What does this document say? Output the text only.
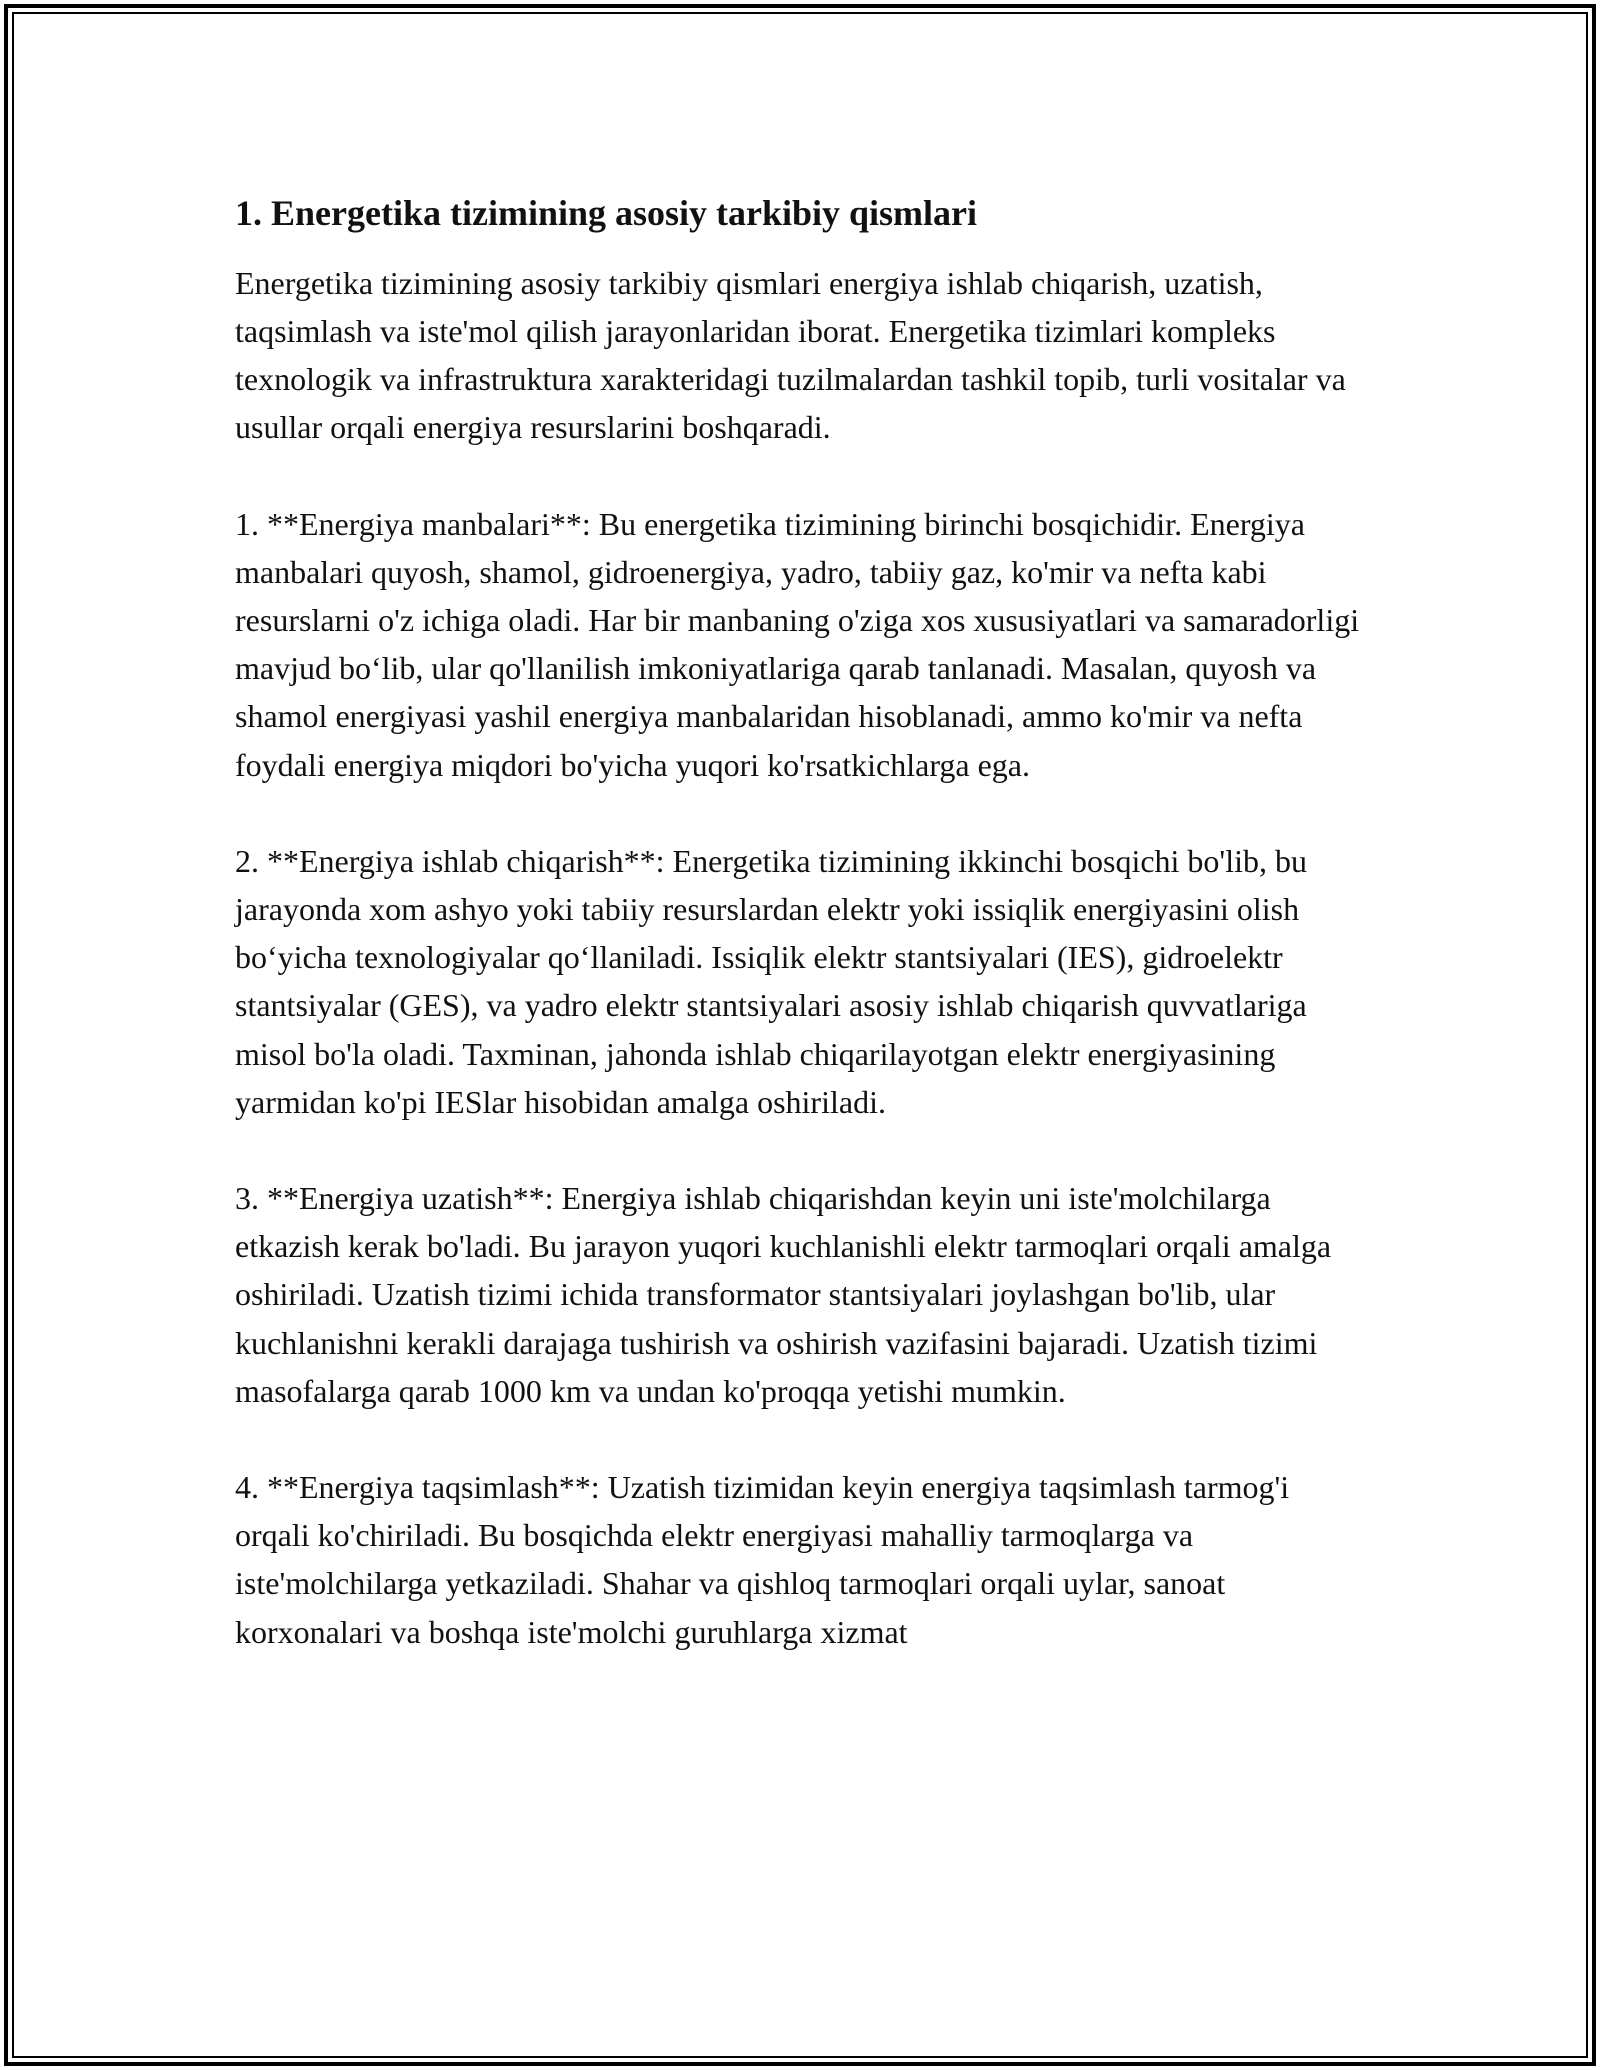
1. Energetika tizimining asosiy tarkibiy qismlari

Energetika tizimining asosiy tarkibiy qismlari energiya ishlab chiqarish, uzatish, taqsimlash va iste'mol qilish jarayonlaridan iborat. Energetika tizimlari kompleks texnologik va infrastruktura xarakteridagi tuzilmalardan tashkil topib, turli vositalar va usullar orqali energiya resurslarini boshqaradi.

1. **Energiya manbalari**: Bu energetika tizimining birinchi bosqichidir. Energiya manbalari quyosh, shamol, gidroenergiya, yadro, tabiiy gaz, ko'mir va nefta kabi resurslarni o'z ichiga oladi. Har bir manbaning o'ziga xos xususiyatlari va samaradorligi mavjud bo‘lib, ular qo'llanilish imkoniyatlariga qarab tanlanadi. Masalan, quyosh va shamol energiyasi yashil energiya manbalaridan hisoblanadi, ammo ko'mir va nefta foydali energiya miqdori bo'yicha yuqori ko'rsatkichlarga ega.

2. **Energiya ishlab chiqarish**: Energetika tizimining ikkinchi bosqichi bo'lib, bu jarayonda xom ashyo yoki tabiiy resurslardan elektr yoki issiqlik energiyasini olish bo‘yicha texnologiyalar qo‘llaniladi. Issiqlik elektr stantsiyalari (IES), gidroelektr stantsiyalar (GES), va yadro elektr stantsiyalari asosiy ishlab chiqarish quvvatlariga misol bo'la oladi. Taxminan, jahonda ishlab chiqarilayotgan elektr energiyasining yarmidan ko'pi IESlar hisobidan amalga oshiriladi.

3. **Energiya uzatish**: Energiya ishlab chiqarishdan keyin uni iste'molchilarga etkazish kerak bo'ladi. Bu jarayon yuqori kuchlanishli elektr tarmoqlari orqali amalga oshiriladi. Uzatish tizimi ichida transformator stantsiyalari joylashgan bo'lib, ular kuchlanishni kerakli darajaga tushirish va oshirish vazifasini bajaradi. Uzatish tizimi masofalarga qarab 1000 km va undan ko'proqqa yetishi mumkin.

4. **Energiya taqsimlash**: Uzatish tizimidan keyin energiya taqsimlash tarmog'i orqali ko'chiriladi. Bu bosqichda elektr energiyasi mahalliy tarmoqlarga va iste'molchilarga yetkaziladi. Shahar va qishloq tarmoqlari orqali uylar, sanoat korxonalari va boshqa iste'molchi guruhlarga xizmat
